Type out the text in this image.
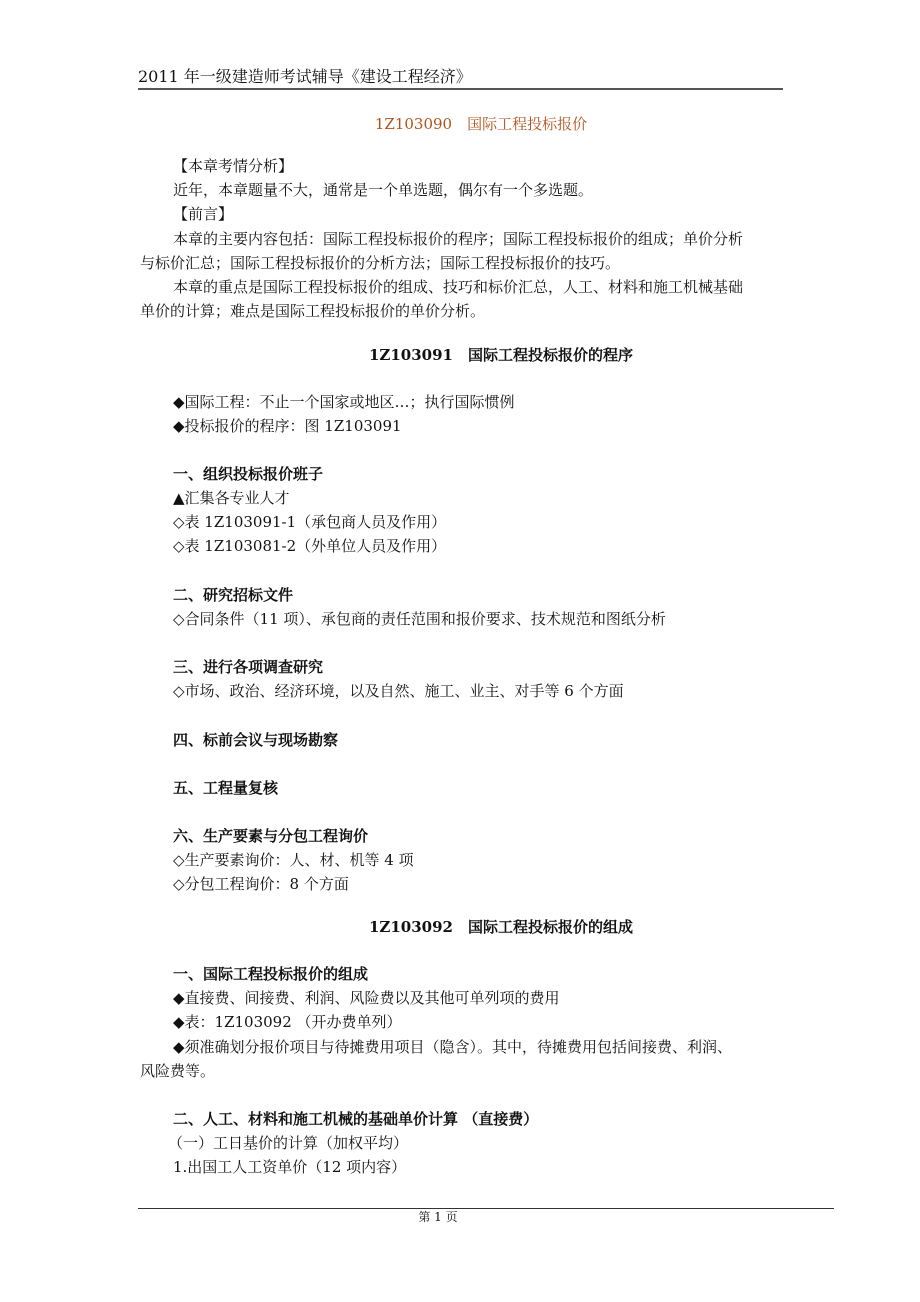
2011 年一级建造师考试辅导《建设工程经济》
1Z103090　国际工程投标报价
【本章考情分析】
近年，本章题量不大，通常是一个单选题，偶尔有一个多选题。
【前言】
本章的主要内容包括：国际工程投标报价的程序；国际工程投标报价的组成；单价分析
与标价汇总；国际工程投标报价的分析方法；国际工程投标报价的技巧。
本章的重点是国际工程投标报价的组成、技巧和标价汇总，人工、材料和施工机械基础
单价的计算；难点是国际工程投标报价的单价分析。
1Z103091　国际工程投标报价的程序
◆国际工程：不止一个国家或地区…；执行国际惯例
◆投标报价的程序：图 1Z103091
一、组织投标报价班子
▲汇集各专业人才
◇表 1Z103091-1（承包商人员及作用）
◇表 1Z103081-2（外单位人员及作用）
二、研究招标文件
◇合同条件（11 项）、承包商的责任范围和报价要求、技术规范和图纸分析
三、进行各项调查研究
◇市场、政治、经济环境，以及自然、施工、业主、对手等 6 个方面
四、标前会议与现场勘察
五、工程量复核
六、生产要素与分包工程询价
◇生产要素询价：人、材、机等 4 项
◇分包工程询价：8 个方面
1Z103092　国际工程投标报价的组成
一、国际工程投标报价的组成
◆直接费、间接费、利润、风险费以及其他可单列项的费用
◆表：1Z103092 （开办费单列）
◆须准确划分报价项目与待摊费用项目（隐含）。其中，待摊费用包括间接费、利润、
风险费等。
二、人工、材料和施工机械的基础单价计算 （直接费）
（一）工日基价的计算（加权平均）
1.出国工人工资单价（12 项内容）
第 1 页
